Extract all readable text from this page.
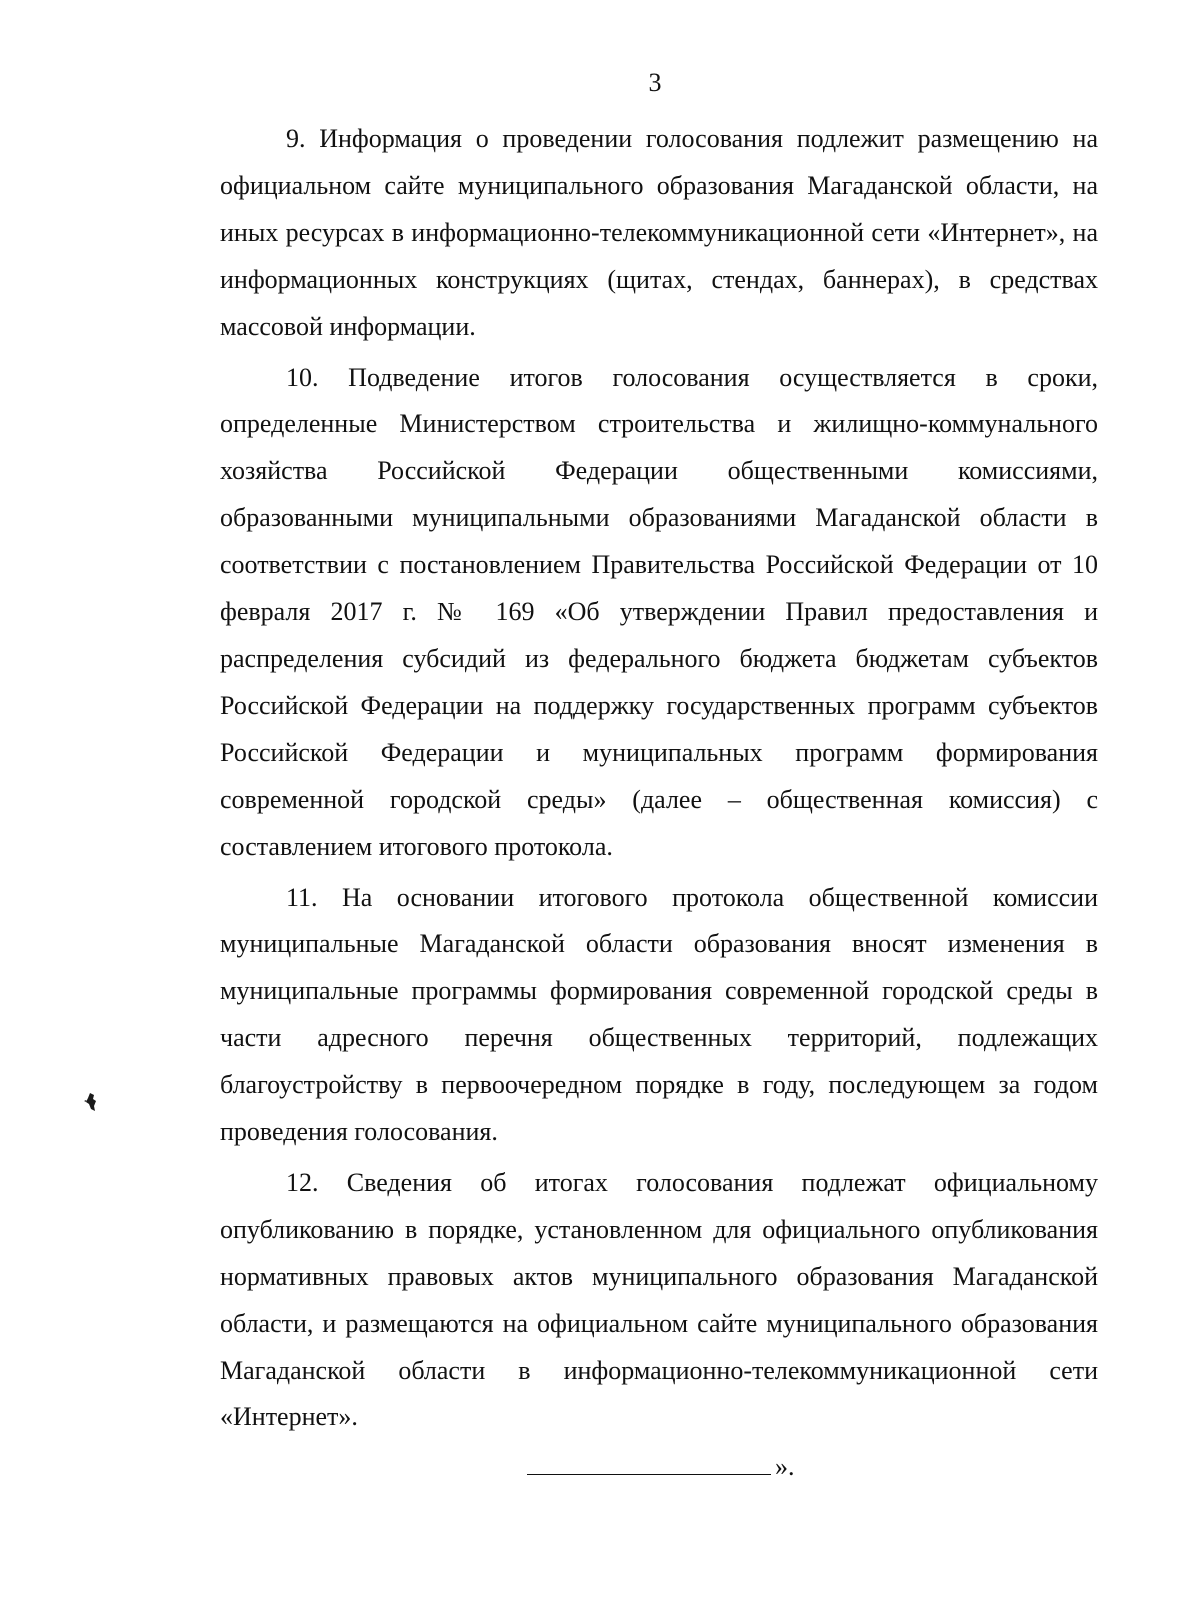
3

9. Информация о проведении голосования подлежит размещению на официальном сайте муниципального образования Магаданской области, на иных ресурсах в информационно-телекоммуникационной сети «Интернет», на информационных конструкциях (щитах, стендах, баннерах), в средствах массовой информации.

10. Подведение итогов голосования осуществляется в сроки, определенные Министерством строительства и жилищно-коммунального хозяйства Российской Федерации общественными комиссиями, образованными муниципальными образованиями Магаданской области в соответствии с постановлением Правительства Российской Федерации от 10 февраля 2017 г. № 169 «Об утверждении Правил предоставления и распределения субсидий из федерального бюджета бюджетам субъектов Российской Федерации на поддержку государственных программ субъектов Российской Федерации и муниципальных программ формирования современной городской среды» (далее – общественная комиссия) с составлением итогового протокола.

11. На основании итогового протокола общественной комиссии муниципальные Магаданской области образования вносят изменения в муниципальные программы формирования современной городской среды в части адресного перечня общественных территорий, подлежащих благоустройству в первоочередном порядке в году, последующем за годом проведения голосования.

12. Сведения об итогах голосования подлежат официальному опубликованию в порядке, установленном для официального опубликования нормативных правовых актов муниципального образования Магаданской области, и размещаются на официальном сайте муниципального образования Магаданской области в информационно-телекоммуникационной сети «Интернет».

».
